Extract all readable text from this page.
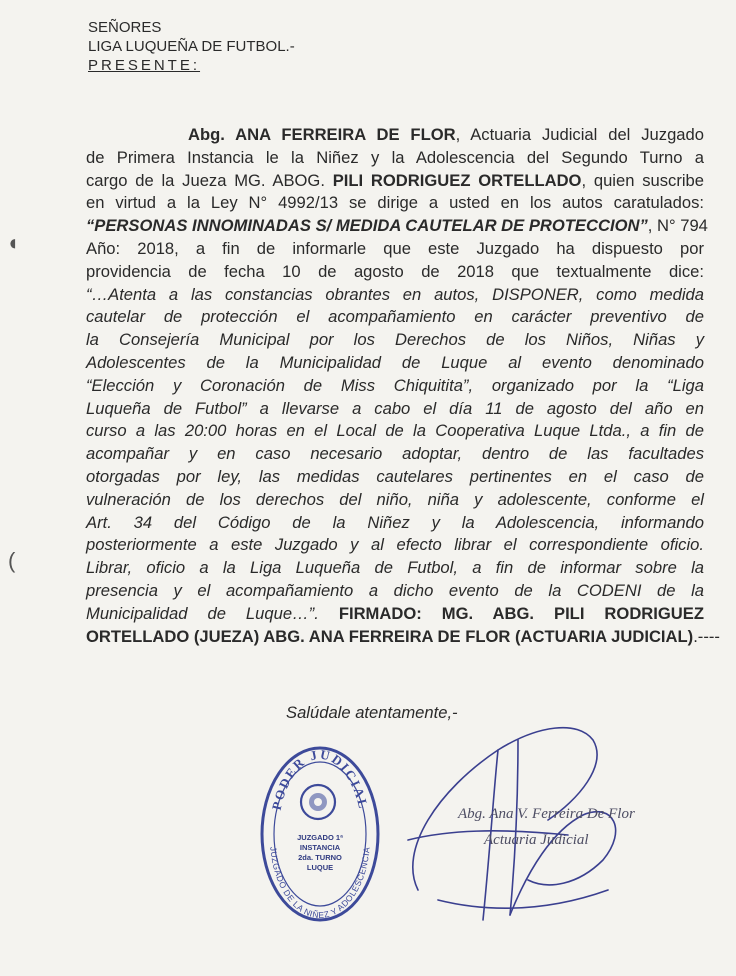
SEÑORES
LIGA LUQUEÑA DE FUTBOL.-
PRESENTE:
Abg. ANA FERREIRA DE FLOR, Actuaria Judicial del Juzgado
de Primera Instancia le la Niñez y la Adolescencia del Segundo Turno a
cargo de la Jueza MG. ABOG. PILI RODRIGUEZ ORTELLADO, quien suscribe
en virtud a la Ley N° 4992/13 se dirige a usted en los autos caratulados:
“PERSONAS INNOMINADAS S/ MEDIDA CAUTELAR DE PROTECCION”, N° 794
Año: 2018, a fin de informarle que este Juzgado ha dispuesto por
providencia de fecha 10 de agosto de 2018 que textualmente dice:
“…Atenta a las constancias obrantes en autos, DISPONER, como medida
cautelar de protección el acompañamiento en carácter preventivo de
la Consejería Municipal por los Derechos de los Niños, Niñas y
Adolescentes de la Municipalidad de Luque al evento denominado
“Elección y Coronación de Miss Chiquitita”, organizado por la “Liga
Luqueña de Futbol” a llevarse a cabo el día 11 de agosto del año en
curso a las 20:00 horas en el Local de la Cooperativa Luque Ltda., a fin de
acompañar y en caso necesario adoptar, dentro de las facultades
otorgadas por ley, las medidas cautelares pertinentes en el caso de
vulneración de los derechos del niño, niña y adolescente, conforme el
Art. 34 del Código de la Niñez y la Adolescencia, informando
posteriormente a este Juzgado y al efecto librar el correspondiente oficio.
Librar, oficio a la Liga Luqueña de Futbol, a fin de informar sobre la
presencia y el acompañamiento a dicho evento de la CODENI de la
Municipalidad de Luque…”. FIRMADO: MG. ABG. PILI RODRIGUEZ
ORTELLADO (JUEZA) ABG. ANA FERREIRA DE FLOR (ACTUARIA JUDICIAL).----
Salúdale atentamente,-
◖
(
PODER JUDICIAL
JUZGADO DE LA NIÑEZ Y ADOLESCENCIA
JUZGADO 1ª
INSTANCIA
2da. TURNO
LUQUE
Abg. Ana V. Ferreira De Flor
Actuaria Judicial
